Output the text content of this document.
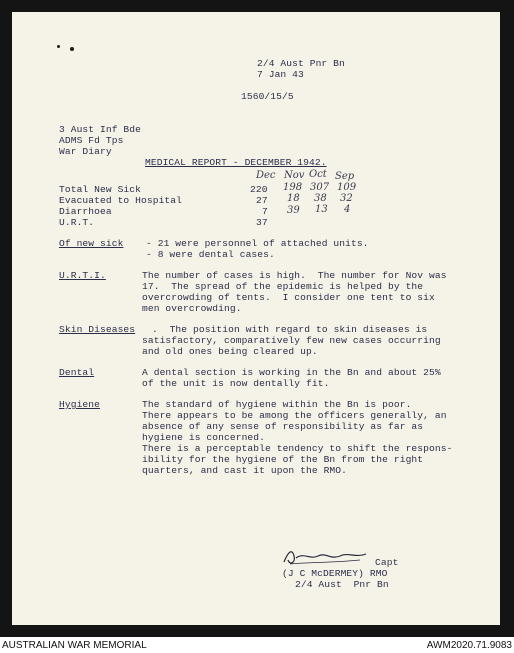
2/4 Aust Pnr Bn
7 Jan 43
1560/15/5
3 Aust Inf Bde
ADMS Fd Tps
War Diary
MEDICAL REPORT - DECEMBER 1942.
Dec Nov Oct Sep
Total New Sick	220 198 307 109
Evacuated to Hospital	27 18 38 32
Diarrhoea	7 39 13 4
U.R.T.	37
Of new sick - 21 were personnel of attached units.
- 8 were dental cases.
U.R.T.I.	The number of cases is high.  The number for Nov was
17.  The spread of the epidemic is helped by the
overcrowding of tents.  I consider one tent to six
men overcrowding.
Skin Diseases .  The position with regard to skin diseases is
satisfactory, comparatively few new cases occurring
and old ones being cleared up.
Dental	A dental section is working in the Bn and about 25%
of the unit is now dentally fit.
Hygiene	The standard of hygiene within the Bn is poor.
There appears to be among the officers generally, an
absence of any sense of responsibility as far as
hygiene is concerned.
There is a perceptable tendency to shift the respons-
ibility for the hygiene of the Bn from the right
quarters, and cast it upon the RMO.
Capt
(J C McDERMEY) RMO
2/4 Aust  Pnr Bn
AUSTRALIAN WAR MEMORIAL	AWM2020.71.9083
